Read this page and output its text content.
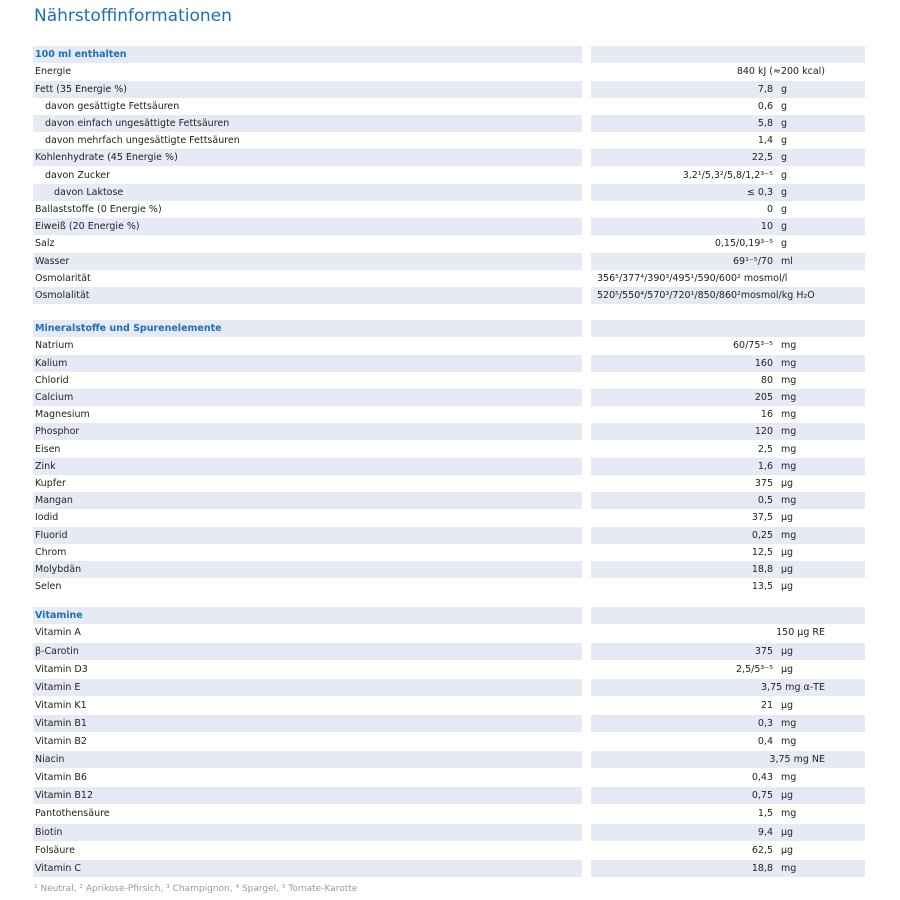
Nährstoffinformationen
100 ml enthalten
Energie	840 kJ (≈200 kcal)
Fett (35 Energie %)	7,8 g
davon gesättigte Fettsäuren	0,6 g
davon einfach ungesättigte Fettsäuren	5,8 g
davon mehrfach ungesättigte Fettsäuren	1,4 g
Kohlenhydrate (45 Energie %)	22,5 g
davon Zucker	3,2¹/5,3²/5,8/1,2³⁻⁵ g
davon Laktose	≤ 0,3 g
Ballaststoffe (0 Energie %)	0 g
Eiweiß (20 Energie %)	10 g
Salz	0,15/0,19³⁻⁵ g
Wasser	69¹⁻⁵/70 ml
Osmolarität	356⁵/377⁴/390³/495¹/590/600² mosmol/l
Osmolalität	520⁵/550⁴/570³/720¹/850/860²mosmol/kg H₂O
Mineralstoffe und Spurenelemente
Natrium	60/75³⁻⁵ mg
Kalium	160 mg
Chlorid	80 mg
Calcium	205 mg
Magnesium	16 mg
Phosphor	120 mg
Eisen	2,5 mg
Zink	1,6 mg
Kupfer	375 µg
Mangan	0,5 mg
Iodid	37,5 µg
Fluorid	0,25 mg
Chrom	12,5 µg
Molybdän	18,8 µg
Selen	13,5 µg
Vitamine
Vitamin A	150 µg RE
β-Carotin	375 µg
Vitamin D3	2,5/5³⁻⁵ µg
Vitamin E	3,75 mg α-TE
Vitamin K1	21 µg
Vitamin B1	0,3 mg
Vitamin B2	0,4 mg
Niacin	3,75 mg NE
Vitamin B6	0,43 mg
Vitamin B12	0,75 µg
Pantothensäure	1,5 mg
Biotin	9,4 µg
Folsäure	62,5 µg
Vitamin C	18,8 mg
¹ Neutral, ² Aprikose-Pfirsich, ³ Champignon, ⁴ Spargel, ⁵ Tomate-Karotte
